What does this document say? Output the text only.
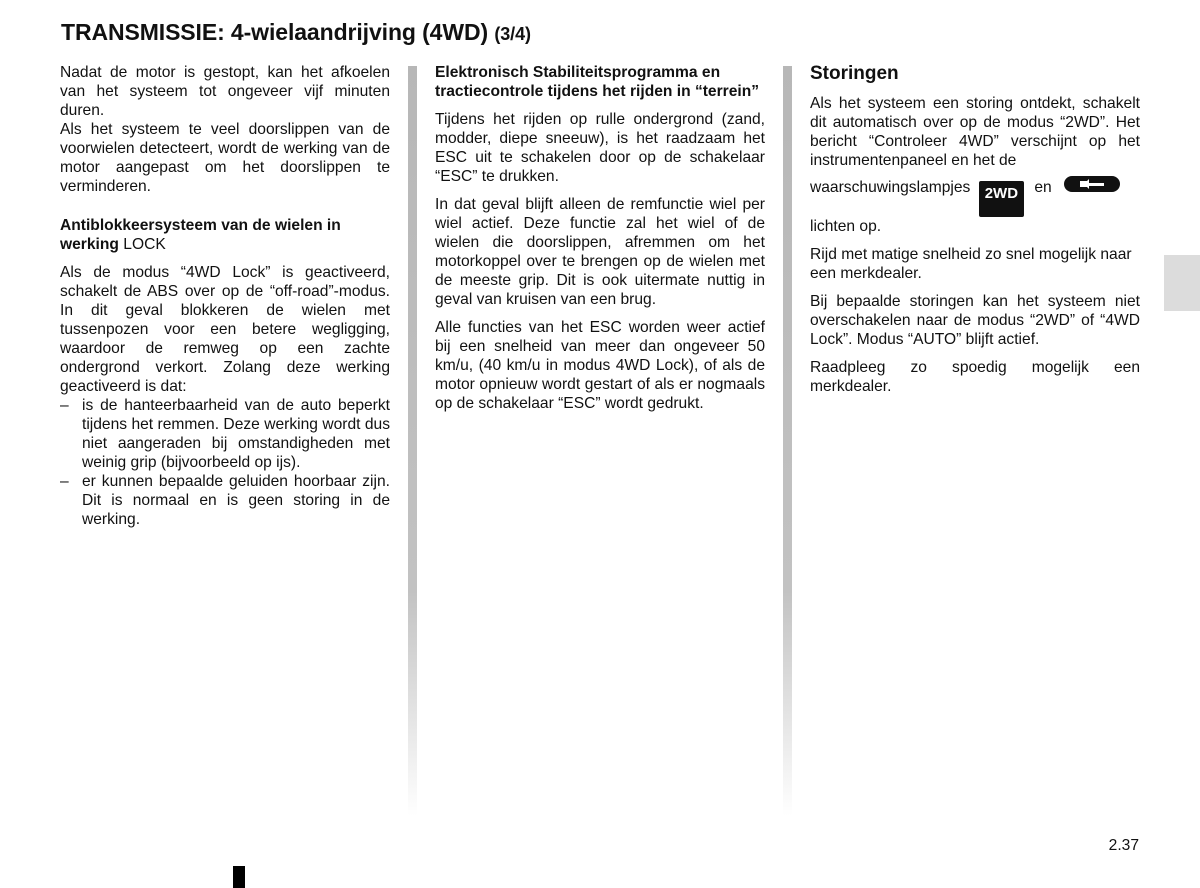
TRANSMISSIE: 4-wielaandrijving (4WD) (3/4)

Nadat de motor is gestopt, kan het afkoelen van het systeem tot ongeveer vijf minuten duren.

Als het systeem te veel doorslippen van de voorwielen detecteert, wordt de werking van de motor aangepast om het doorslippen te verminderen.

Antiblokkeersysteem van de wielen in werking LOCK

Als de modus “4WD Lock” is geactiveerd, schakelt de ABS over op de “off-road”-modus. In dit geval blokkeren de wielen met tussenpozen voor een betere wegligging, waardoor de remweg op een zachte ondergrond verkort. Zolang deze werking geactiveerd is dat:

– is de hanteerbaarheid van de auto beperkt tijdens het remmen. Deze werking wordt dus niet aangeraden bij omstandigheden met weinig grip (bijvoorbeeld op ijs).
– er kunnen bepaalde geluiden hoorbaar zijn. Dit is normaal en is geen storing in de werking.

Elektronisch Stabiliteitsprogramma en tractiecontrole tijdens het rijden in “terrein”

Tijdens het rijden op rulle ondergrond (zand, modder, diepe sneeuw), is het raadzaam het ESC uit te schakelen door op de schakelaar “ESC” te drukken.

In dat geval blijft alleen de remfunctie wiel per wiel actief. Deze functie zal het wiel of de wielen die doorslippen, afremmen om het motorkoppel over te brengen op de wielen met de meeste grip. Dit is ook uitermate nuttig in geval van kruisen van een brug.

Alle functies van het ESC worden weer actief bij een snelheid van meer dan ongeveer 50 km/u, (40 km/u in modus 4WD Lock), of als de motor opnieuw wordt gestart of als er nogmaals op de schakelaar “ESC” wordt gedrukt.

Storingen

Als het systeem een storing ontdekt, schakelt dit automatisch over op de modus “2WD”. Het bericht “Controleer 4WD” verschijnt op het instrumentenpaneel en het de

waarschuwingslampjes 2WD en

lichten op.

Rijd met matige snelheid zo snel mogelijk naar een merkdealer.

Bij bepaalde storingen kan het systeem niet overschakelen naar de modus “2WD” of “4WD Lock”. Modus “AUTO” blijft actief.

Raadpleeg zo spoedig mogelijk een merkdealer.

2.37
